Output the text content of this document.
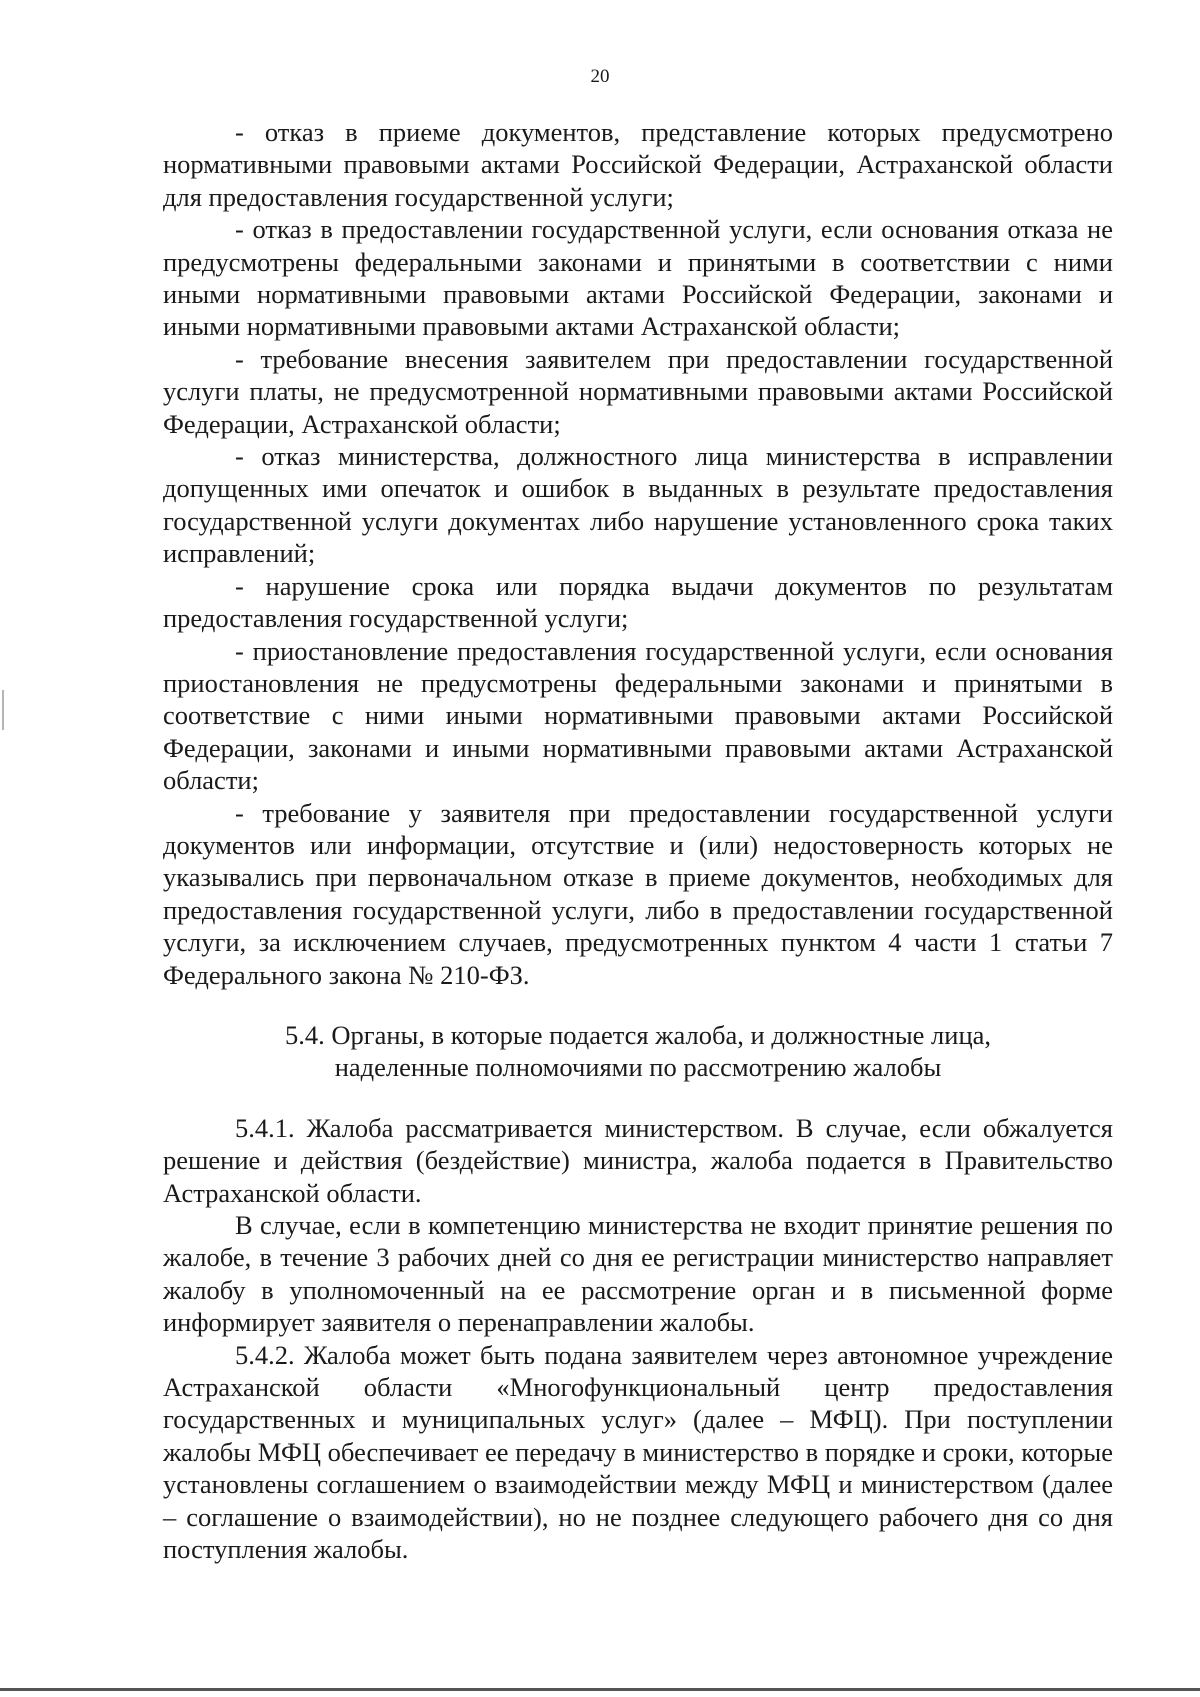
20

- отказ в приеме документов, представление которых предусмотрено нормативными правовыми актами Российской Федерации, Астраханской области для предоставления государственной услуги;

- отказ в предоставлении государственной услуги, если основания отказа не предусмотрены федеральными законами и принятыми в соответствии с ними иными нормативными правовыми актами Российской Федерации, законами и иными нормативными правовыми актами Астраханской области;

- требование внесения заявителем при предоставлении государственной услуги платы, не предусмотренной нормативными правовыми актами Российской Федерации, Астраханской области;

- отказ министерства, должностного лица министерства в исправлении допущенных ими опечаток и ошибок в выданных в результате предоставления государственной услуги документах либо нарушение установленного срока таких исправлений;

- нарушение срока или порядка выдачи документов по результатам предоставления государственной услуги;

- приостановление предоставления государственной услуги, если основания приостановления не предусмотрены федеральными законами и принятыми в соответствие с ними иными нормативными правовыми актами Российской Федерации, законами и иными нормативными правовыми актами Астраханской области;

- требование у заявителя при предоставлении государственной услуги документов или информации, отсутствие и (или) недостоверность которых не указывались при первоначальном отказе в приеме документов, необходимых для предоставления государственной услуги, либо в предоставлении государственной услуги, за исключением случаев, предусмотренных пунктом 4 части 1 статьи 7 Федерального закона № 210-ФЗ.

5.4. Органы, в которые подается жалоба, и должностные лица,
наделенные полномочиями по рассмотрению жалобы

5.4.1. Жалоба рассматривается министерством. В случае, если обжалуется решение и действия (бездействие) министра, жалоба подается в Правительство Астраханской области.

В случае, если в компетенцию министерства не входит принятие решения по жалобе, в течение 3 рабочих дней со дня ее регистрации министерство направляет жалобу в уполномоченный на ее рассмотрение орган и в письменной форме информирует заявителя о перенаправлении жалобы.

5.4.2. Жалоба может быть подана заявителем через автономное учреждение Астраханской области «Многофункциональный центр предоставления государственных и муниципальных услуг» (далее – МФЦ). При поступлении жалобы МФЦ обеспечивает ее передачу в министерство в порядке и сроки, которые установлены соглашением о взаимодействии между МФЦ и министерством (далее – соглашение о взаимодействии), но не позднее следующего рабочего дня со дня поступления жалобы.
